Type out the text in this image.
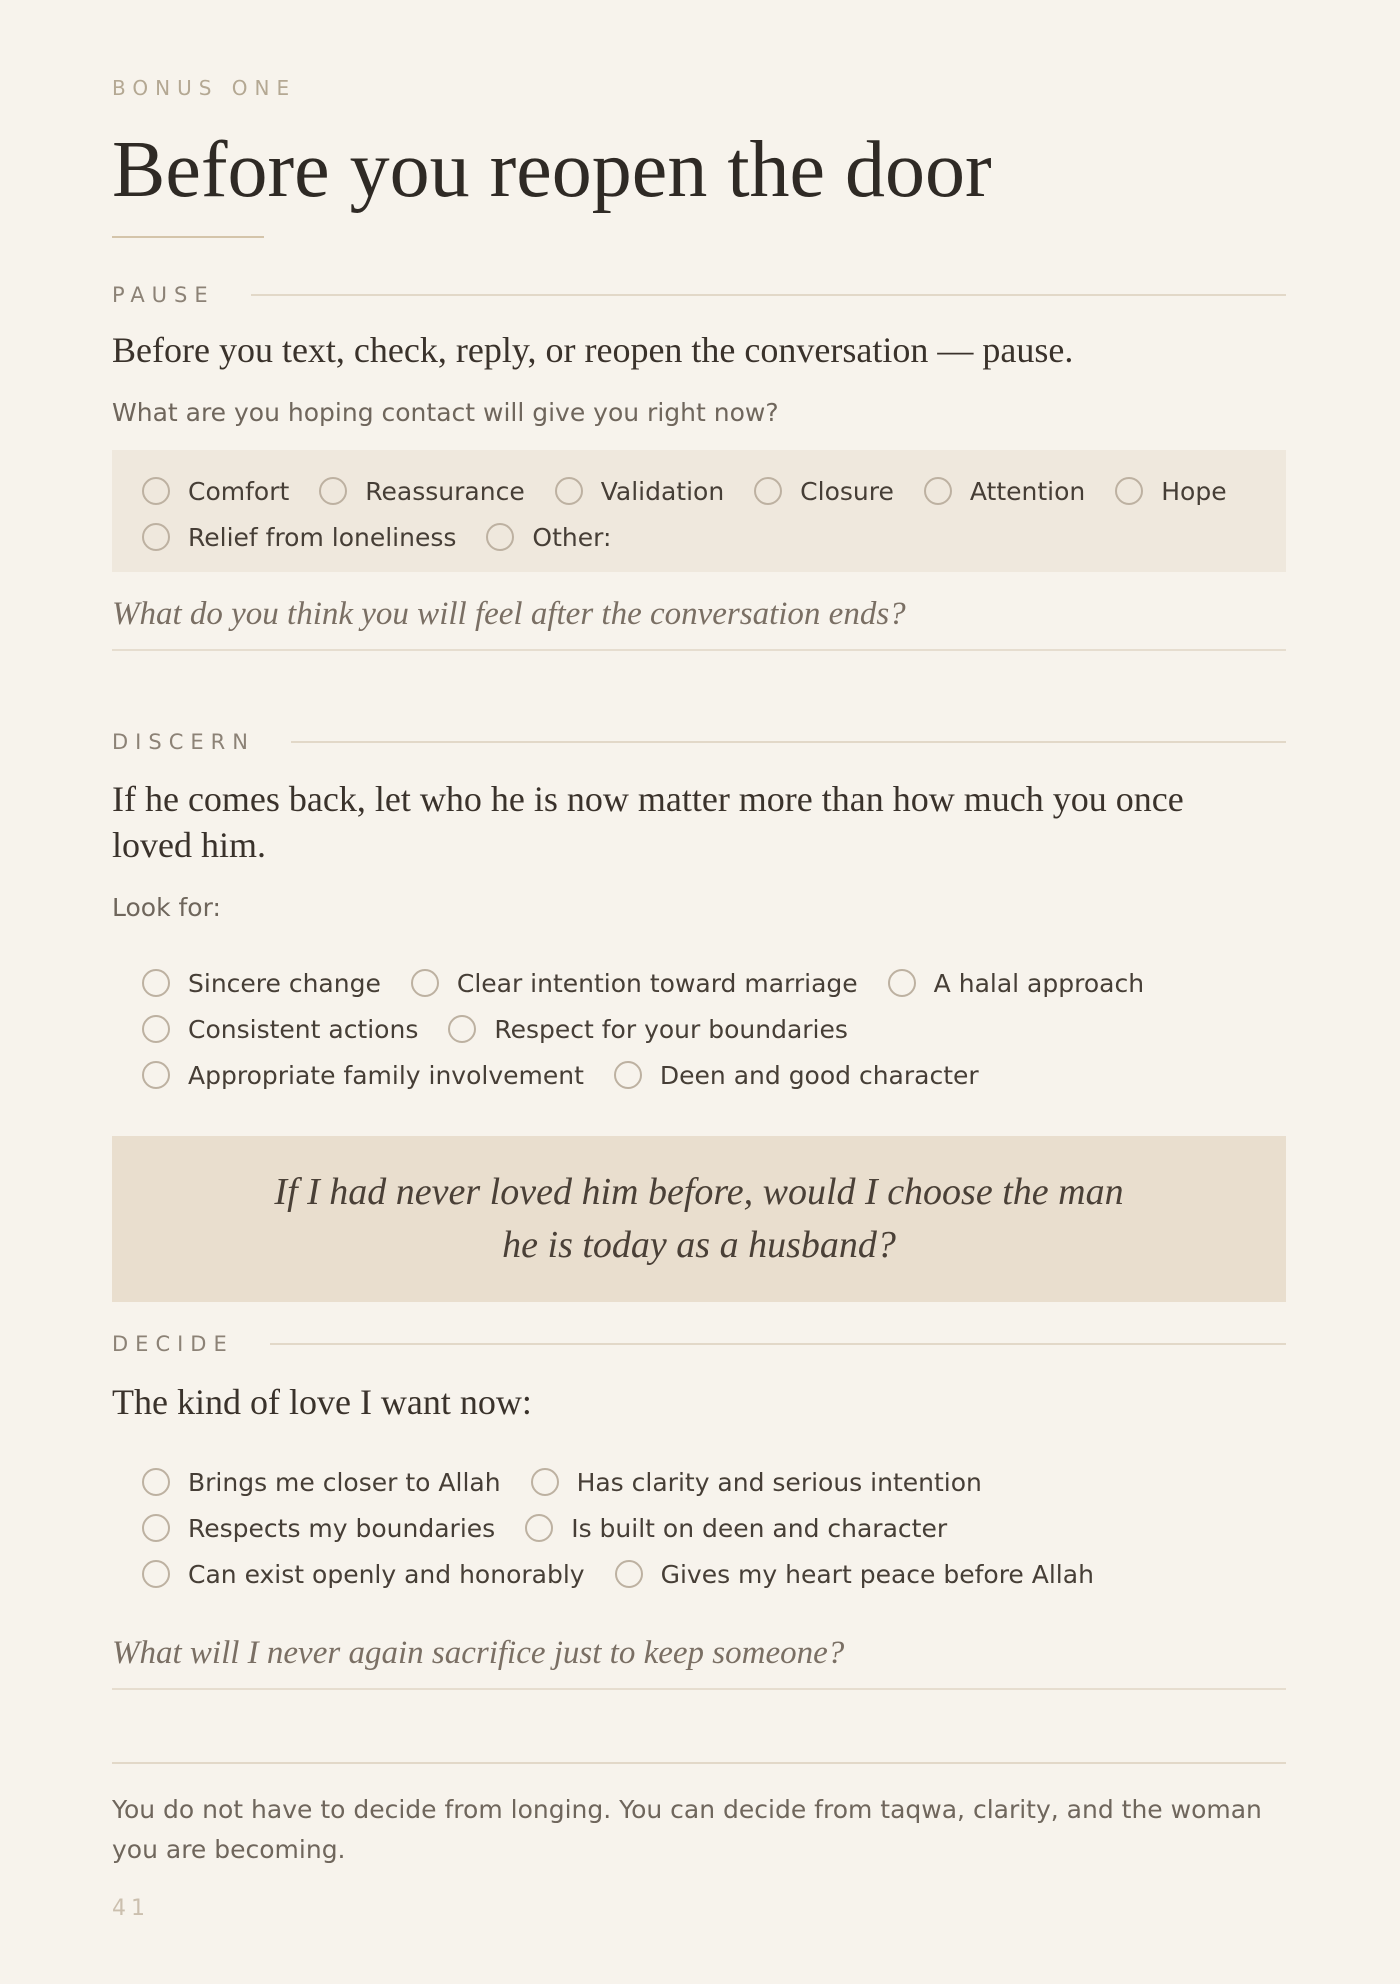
BONUS ONE
Before you reopen the door
PAUSE

Before you text, check, reply, or reopen the conversation — pause.

What are you hoping contact will give you right now?

Comfort	Reassurance	Validation	Closure	Attention	Hope
Relief from loneliness	Other:

What do you think you will feel after the conversation ends?

DISCERN

If he comes back, let who he is now matter more than how much you once loved him.

Look for:

Sincere change	Clear intention toward marriage	A halal approach
Consistent actions	Respect for your boundaries
Appropriate family involvement	Deen and good character

If I had never loved him before, would I choose the man he is today as a husband?

DECIDE

The kind of love I want now:

Brings me closer to Allah	Has clarity and serious intention
Respects my boundaries	Is built on deen and character
Can exist openly and honorably	Gives my heart peace before Allah

What will I never again sacrifice just to keep someone?

You do not have to decide from longing. You can decide from taqwa, clarity, and the woman you are becoming.

41
